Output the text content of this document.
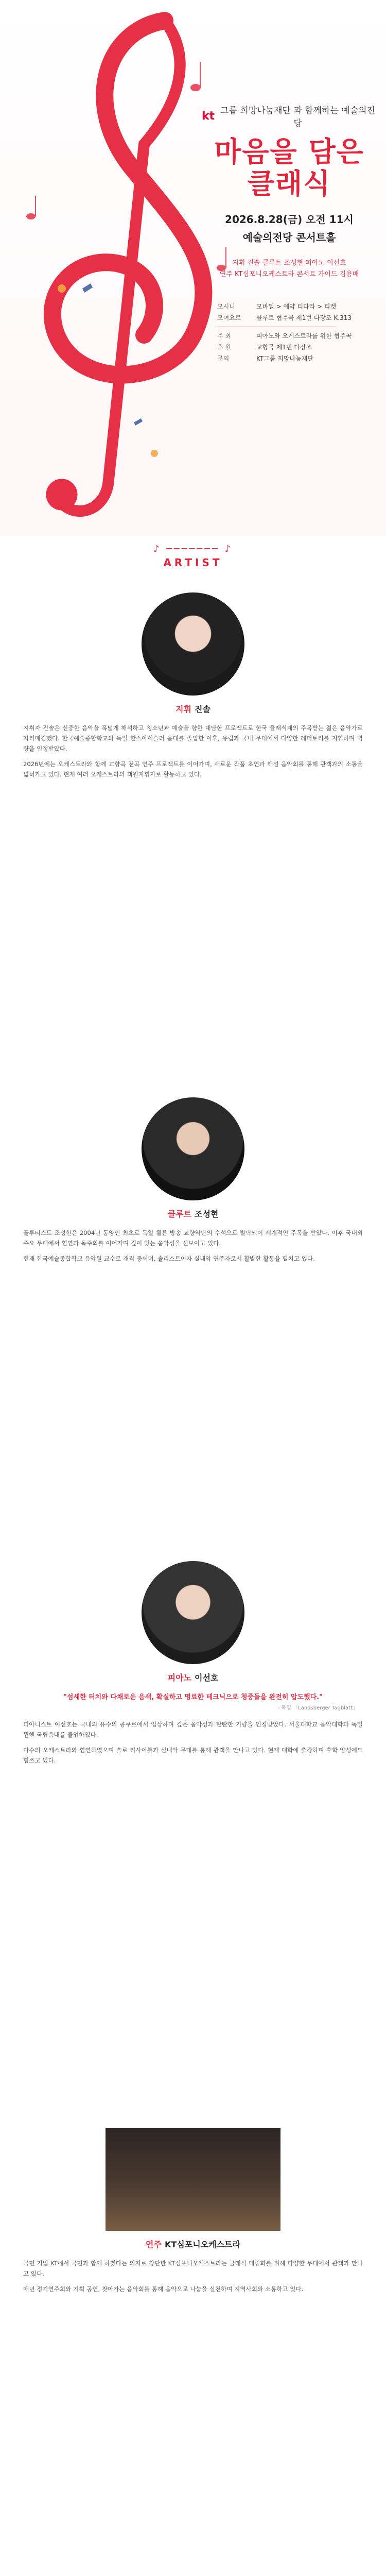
kt 그룹 희망나눔재단 과 함께하는 예술의전당
마음을 담은
클래식
2026.8.28(금) 오전 11시
예술의전당 콘서트홀
지휘 진솔 클루트 조성현 피아노 이선호
연주 KT심포니오케스트라 콘서트 가이드 김용배
모시니	모바일 > 예약 티다라 > 티켓
모여요로	클루트 협주곡 제1번 다장조 K.313
주 최	피아노와 오케스트라를 위한 협주곡
후 원	교향곡 제1번 다장조
문의	KT그룹 희망나눔재단
♪ ─────── ♪
ARTIST
지휘 진솔

지휘자 진솔은 신중한 음악을 폭넓게 해석하고 청소년과 예술을 향한 대담한 프로젝트로 한국 클래식계의 주목받는 젊은 음악가로 자리매김했다. 한국예술종합학교와 독일 한스아이슬러 음대를 졸업한 이후, 유럽과 국내 무대에서 다양한 레퍼토리를 지휘하며 역량을 인정받았다.

2026년에는 오케스트라와 함께 교향곡 전곡 연주 프로젝트를 이어가며, 새로운 작품 초연과 해설 음악회를 통해 관객과의 소통을 넓혀가고 있다. 현재 여러 오케스트라의 객원지휘자로 활동하고 있다.

클루트 조성현

플루티스트 조성현은 2004년 동양인 최초로 독일 쾰른 방송 교향악단의 수석으로 발탁되어 세계적인 주목을 받았다. 이후 국내외 주요 무대에서 협연과 독주회를 이어가며 깊이 있는 음악성을 선보이고 있다.

현재 한국예술종합학교 음악원 교수로 재직 중이며, 솔리스트이자 실내악 연주자로서 활발한 활동을 펼치고 있다.

피아노 이선호
"섬세한 터치와 다채로운 음색, 확실하고 명료한 테크닉으로 청중들을 완전히 압도했다."
- 독일 「Landsberger Tagblatt」

피아니스트 이선호는 국내외 유수의 콩쿠르에서 입상하며 깊은 음악성과 탄탄한 기량을 인정받았다. 서울대학교 음악대학과 독일 뮌헨 국립음대를 졸업하였다.

다수의 오케스트라와 협연하였으며 솔로 리사이틀과 실내악 무대를 통해 관객을 만나고 있다. 현재 대학에 출강하며 후학 양성에도 힘쓰고 있다.

연주 KT심포니오케스트라

국민 기업 KT에서 국민과 함께 하겠다는 의지로 창단한 KT심포니오케스트라는 클래식 대중화를 위해 다양한 무대에서 관객과 만나고 있다.

매년 정기연주회와 기획 공연, 찾아가는 음악회를 통해 음악으로 나눔을 실천하며 지역사회와 소통하고 있다.
